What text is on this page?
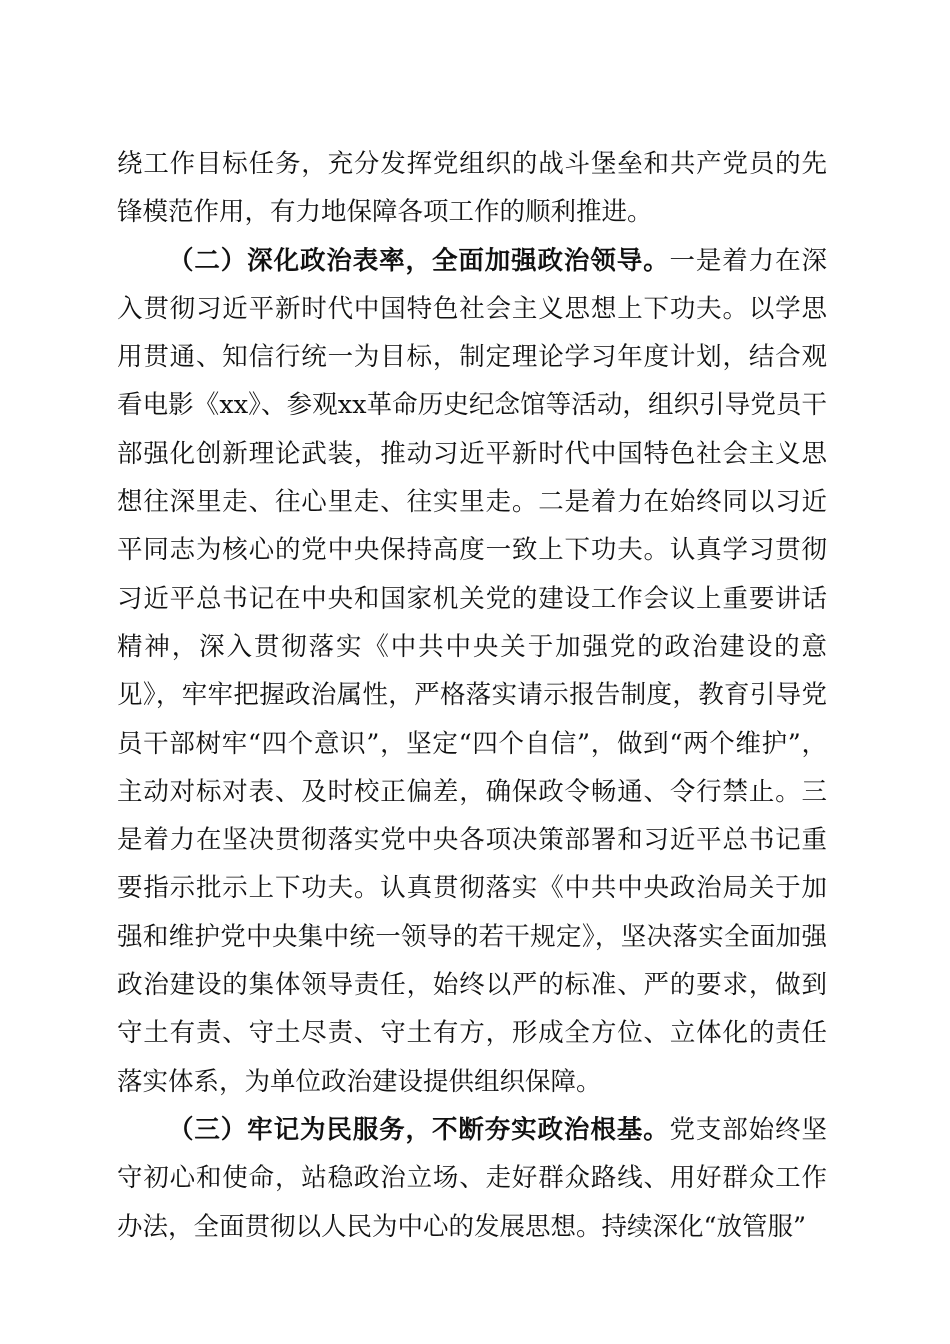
绕工作目标任务，充分发挥党组织的战斗堡垒和共产党员的先锋模范作用，有力地保障各项工作的顺利推进。

（二）深化政治表率，全面加强政治领导。一是着力在深入贯彻习近平新时代中国特色社会主义思想上下功夫。以学思用贯通、知信行统一为目标，制定理论学习年度计划，结合观看电影《xx》、参观xx革命历史纪念馆等活动，组织引导党员干部强化创新理论武装，推动习近平新时代中国特色社会主义思想往深里走、往心里走、往实里走。二是着力在始终同以习近平同志为核心的党中央保持高度一致上下功夫。认真学习贯彻习近平总书记在中央和国家机关党的建设工作会议上重要讲话精神，深入贯彻落实《中共中央关于加强党的政治建设的意见》，牢牢把握政治属性，严格落实请示报告制度，教育引导党员干部树牢“四个意识”，坚定“四个自信”，做到“两个维护”，主动对标对表、及时校正偏差，确保政令畅通、令行禁止。三是着力在坚决贯彻落实党中央各项决策部署和习近平总书记重要指示批示上下功夫。认真贯彻落实《中共中央政治局关于加强和维护党中央集中统一领导的若干规定》，坚决落实全面加强政治建设的集体领导责任，始终以严的标准、严的要求，做到守土有责、守土尽责、守土有方，形成全方位、立体化的责任落实体系，为单位政治建设提供组织保障。

（三）牢记为民服务，不断夯实政治根基。党支部始终坚守初心和使命，站稳政治立场、走好群众路线、用好群众工作办法，全面贯彻以人民为中心的发展思想。持续深化“放管服”
